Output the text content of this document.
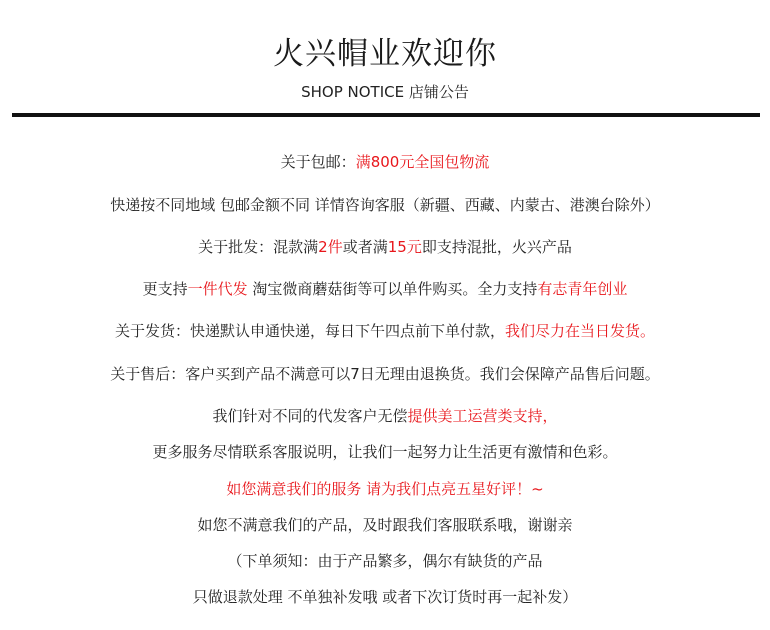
火兴帽业欢迎你
SHOP NOTICE 店铺公告
关于包邮：满800元全国包物流
快递按不同地域 包邮金额不同 详情咨询客服（新疆、西藏、内蒙古、港澳台除外）
关于批发：混款满2件或者满15元即支持混批，火兴产品
更支持一件代发 淘宝微商蘑菇街等可以单件购买。全力支持有志青年创业
关于发货：快递默认申通快递，每日下午四点前下单付款，我们尽力在当日发货。
关于售后：客户买到产品不满意可以7日无理由退换货。我们会保障产品售后问题。
我们针对不同的代发客户无偿提供美工运营类支持，
更多服务尽情联系客服说明，让我们一起努力让生活更有激情和色彩。
如您满意我们的服务 请为我们点亮五星好评！~
如您不满意我们的产品，及时跟我们客服联系哦，谢谢亲
（下单须知：由于产品繁多，偶尔有缺货的产品
只做退款处理 不单独补发哦 或者下次订货时再一起补发）
